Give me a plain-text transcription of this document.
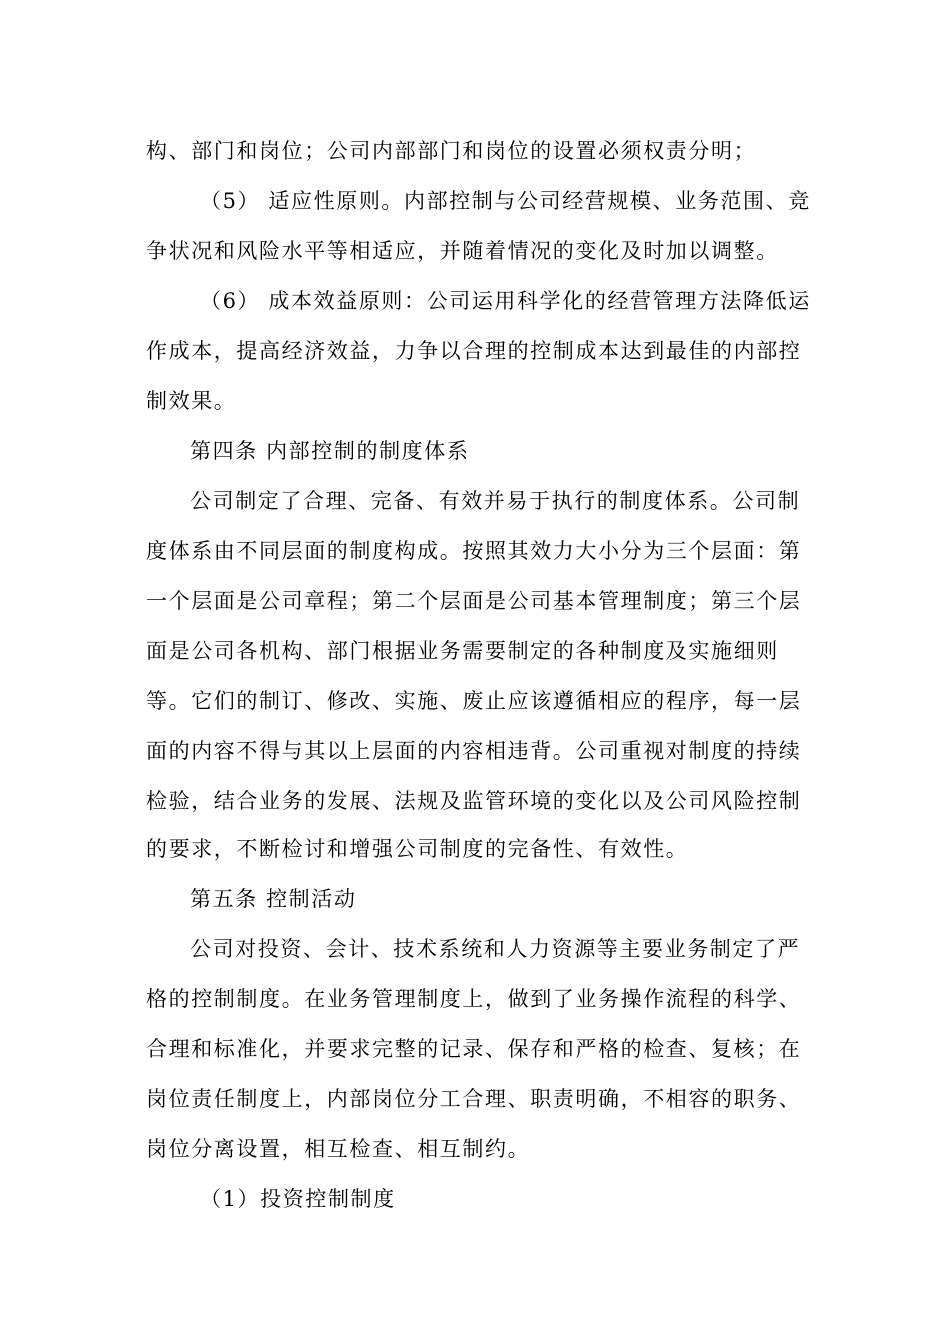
构、部门和岗位；公司内部部门和岗位的设置必须权责分明；
（5） 适应性原则。内部控制与公司经营规模、业务范围、竞
争状况和风险水平等相适应，并随着情况的变化及时加以调整。
（6） 成本效益原则：公司运用科学化的经营管理方法降低运
作成本，提高经济效益，力争以合理的控制成本达到最佳的内部控
制效果。
第四条 内部控制的制度体系
公司制定了合理、完备、有效并易于执行的制度体系。公司制
度体系由不同层面的制度构成。按照其效力大小分为三个层面：第
一个层面是公司章程；第二个层面是公司基本管理制度；第三个层
面是公司各机构、部门根据业务需要制定的各种制度及实施细则
等。它们的制订、修改、实施、废止应该遵循相应的程序，每一层
面的内容不得与其以上层面的内容相违背。公司重视对制度的持续
检验，结合业务的发展、法规及监管环境的变化以及公司风险控制
的要求，不断检讨和增强公司制度的完备性、有效性。
第五条 控制活动
公司对投资、会计、技术系统和人力资源等主要业务制定了严
格的控制制度。在业务管理制度上，做到了业务操作流程的科学、
合理和标准化，并要求完整的记录、保存和严格的检查、复核；在
岗位责任制度上，内部岗位分工合理、职责明确，不相容的职务、
岗位分离设置，相互检查、相互制约。
（1）投资控制制度
